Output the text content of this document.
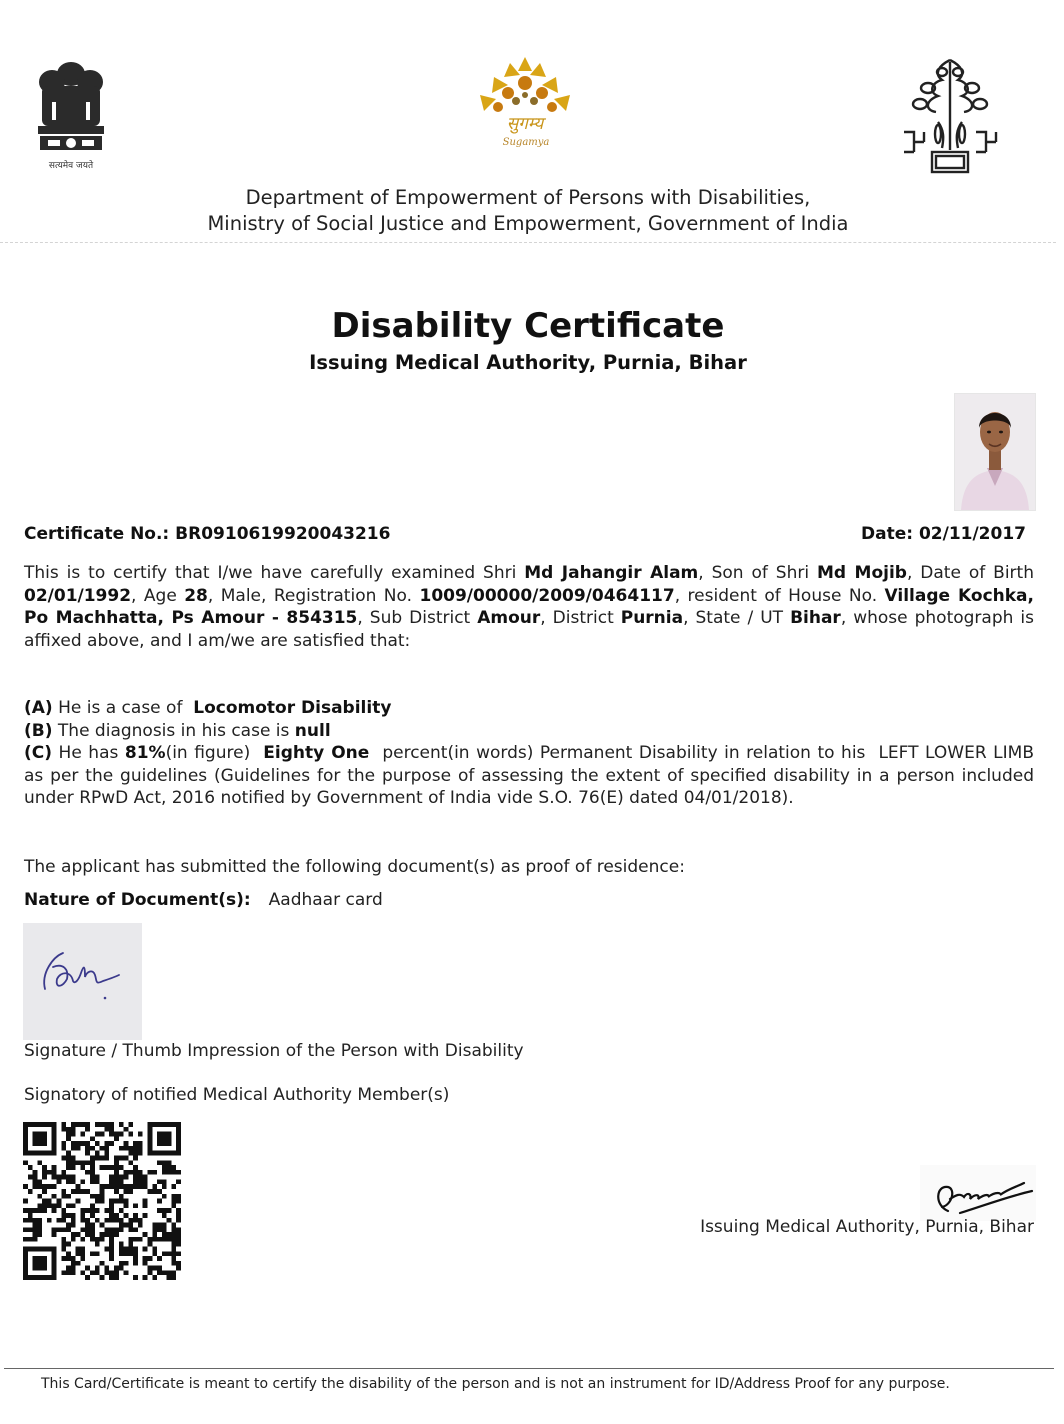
सत्यमेव जयते
सुगम्य
Sugamya
Department of Empowerment of Persons with Disabilities,
Ministry of Social Justice and Empowerment, Government of India
Disability Certificate
Issuing Medical Authority, Purnia, Bihar
Certificate No.: BR0910619920043216	Date: 02/11/2017
This is to certify that I/we have carefully examined Shri Md Jahangir Alam, Son of Shri Md Mojib, Date of Birth 02/01/1992, Age 28, Male, Registration No. 1009/00000/2009/0464117, resident of House No. Village Kochka, Po Machhatta, Ps Amour - 854315, Sub District Amour, District Purnia, State / UT Bihar, whose photograph is affixed above, and I am/we are satisfied that:
(A) He is a case of  Locomotor Disability
(B) The diagnosis in his case is null
(C) He has 81%(in figure)  Eighty One  percent(in words) Permanent Disability in relation to his  LEFT LOWER LIMB as per the guidelines (Guidelines for the purpose of assessing the extent of specified disability in a person included under RPwD Act, 2016 notified by Government of India vide S.O. 76(E) dated 04/01/2018).
The applicant has submitted the following document(s) as proof of residence:
Nature of Document(s): Aadhaar card
Signature / Thumb Impression of the Person with Disability
Signatory of notified Medical Authority Member(s)
Issuing Medical Authority, Purnia, Bihar
This Card/Certificate is meant to certify the disability of the person and is not an instrument for ID/Address Proof for any purpose.
